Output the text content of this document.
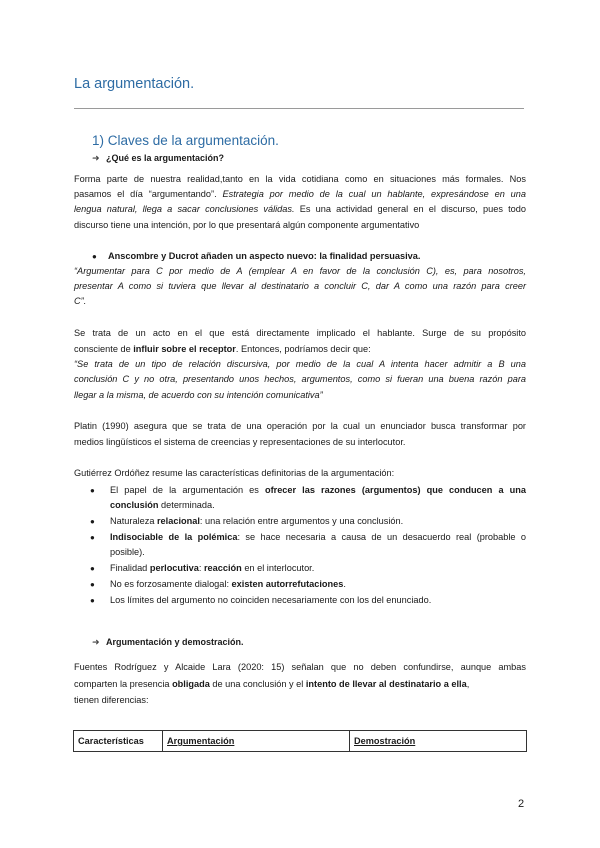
La argumentación.
1) Claves de la argumentación.
➜ ¿Qué es la argumentación?
Forma parte de nuestra realidad,tanto en la vida cotidiana como en situaciones más formales. Nos
pasamos el día “argumentando”. Estrategia por medio de la cual un hablante, expresándose en una
lengua natural, llega a sacar conclusiones válidas. Es una actividad general en el discurso, pues todo
discurso tiene una intención, por lo que presentará algún componente argumentativo
●	Anscombre y Ducrot añaden un aspecto nuevo: la finalidad persuasiva.
“Argumentar para C por medio de A (emplear A en favor de la conclusión C), es, para nosotros,
presentar A como si tuviera que llevar al destinatario a concluir C, dar A como una razón para creer
C”.
Se trata de un acto en el que está directamente implicado el hablante. Surge de su propósito
consciente de influir sobre el receptor. Entonces, podríamos decir que:
“Se trata de un tipo de relación discursiva, por medio de la cual A intenta hacer admitir a B una
conclusión C y no otra, presentando unos hechos, argumentos, como si fueran una buena razón para
llegar a la misma, de acuerdo con su intención comunicativa”
Platin (1990) asegura que se trata de una operación por la cual un enunciador busca transformar por
medios lingüísticos el sistema de creencias y representaciones de su interlocutor.
Gutiérrez Ordóñez resume las características definitorias de la argumentación:
●	El papel de la argumentación es ofrecer las razones (argumentos) que conducen a una
conclusión determinada.
●	Naturaleza relacional: una relación entre argumentos y una conclusión.
●	Indisociable de la polémica: se hace necesaria a causa de un desacuerdo real (probable o
posible).
●	Finalidad perlocutiva: reacción en el interlocutor.
●	No es forzosamente dialogal: existen autorrefutaciones.
●	Los límites del argumento no coinciden necesariamente con los del enunciado.
➜ Argumentación y demostración.
Fuentes Rodríguez y Alcaide Lara (2020: 15) señalan que no deben confundirse, aunque ambas
comparten la presencia obligada de una conclusión y el intento de llevar al destinatario a ella,
tienen diferencias:
Características	Argumentación	Demostración
2
